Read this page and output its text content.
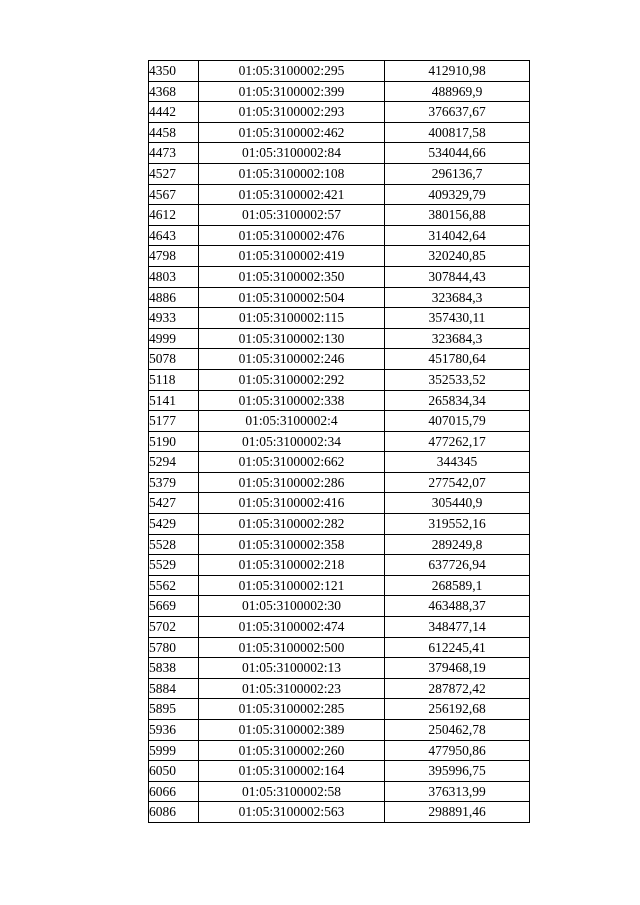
4350	01:05:3100002:295	412910,98
4368	01:05:3100002:399	488969,9
4442	01:05:3100002:293	376637,67
4458	01:05:3100002:462	400817,58
4473	01:05:3100002:84	534044,66
4527	01:05:3100002:108	296136,7
4567	01:05:3100002:421	409329,79
4612	01:05:3100002:57	380156,88
4643	01:05:3100002:476	314042,64
4798	01:05:3100002:419	320240,85
4803	01:05:3100002:350	307844,43
4886	01:05:3100002:504	323684,3
4933	01:05:3100002:115	357430,11
4999	01:05:3100002:130	323684,3
5078	01:05:3100002:246	451780,64
5118	01:05:3100002:292	352533,52
5141	01:05:3100002:338	265834,34
5177	01:05:3100002:4	407015,79
5190	01:05:3100002:34	477262,17
5294	01:05:3100002:662	344345
5379	01:05:3100002:286	277542,07
5427	01:05:3100002:416	305440,9
5429	01:05:3100002:282	319552,16
5528	01:05:3100002:358	289249,8
5529	01:05:3100002:218	637726,94
5562	01:05:3100002:121	268589,1
5669	01:05:3100002:30	463488,37
5702	01:05:3100002:474	348477,14
5780	01:05:3100002:500	612245,41
5838	01:05:3100002:13	379468,19
5884	01:05:3100002:23	287872,42
5895	01:05:3100002:285	256192,68
5936	01:05:3100002:389	250462,78
5999	01:05:3100002:260	477950,86
6050	01:05:3100002:164	395996,75
6066	01:05:3100002:58	376313,99
6086	01:05:3100002:563	298891,46
